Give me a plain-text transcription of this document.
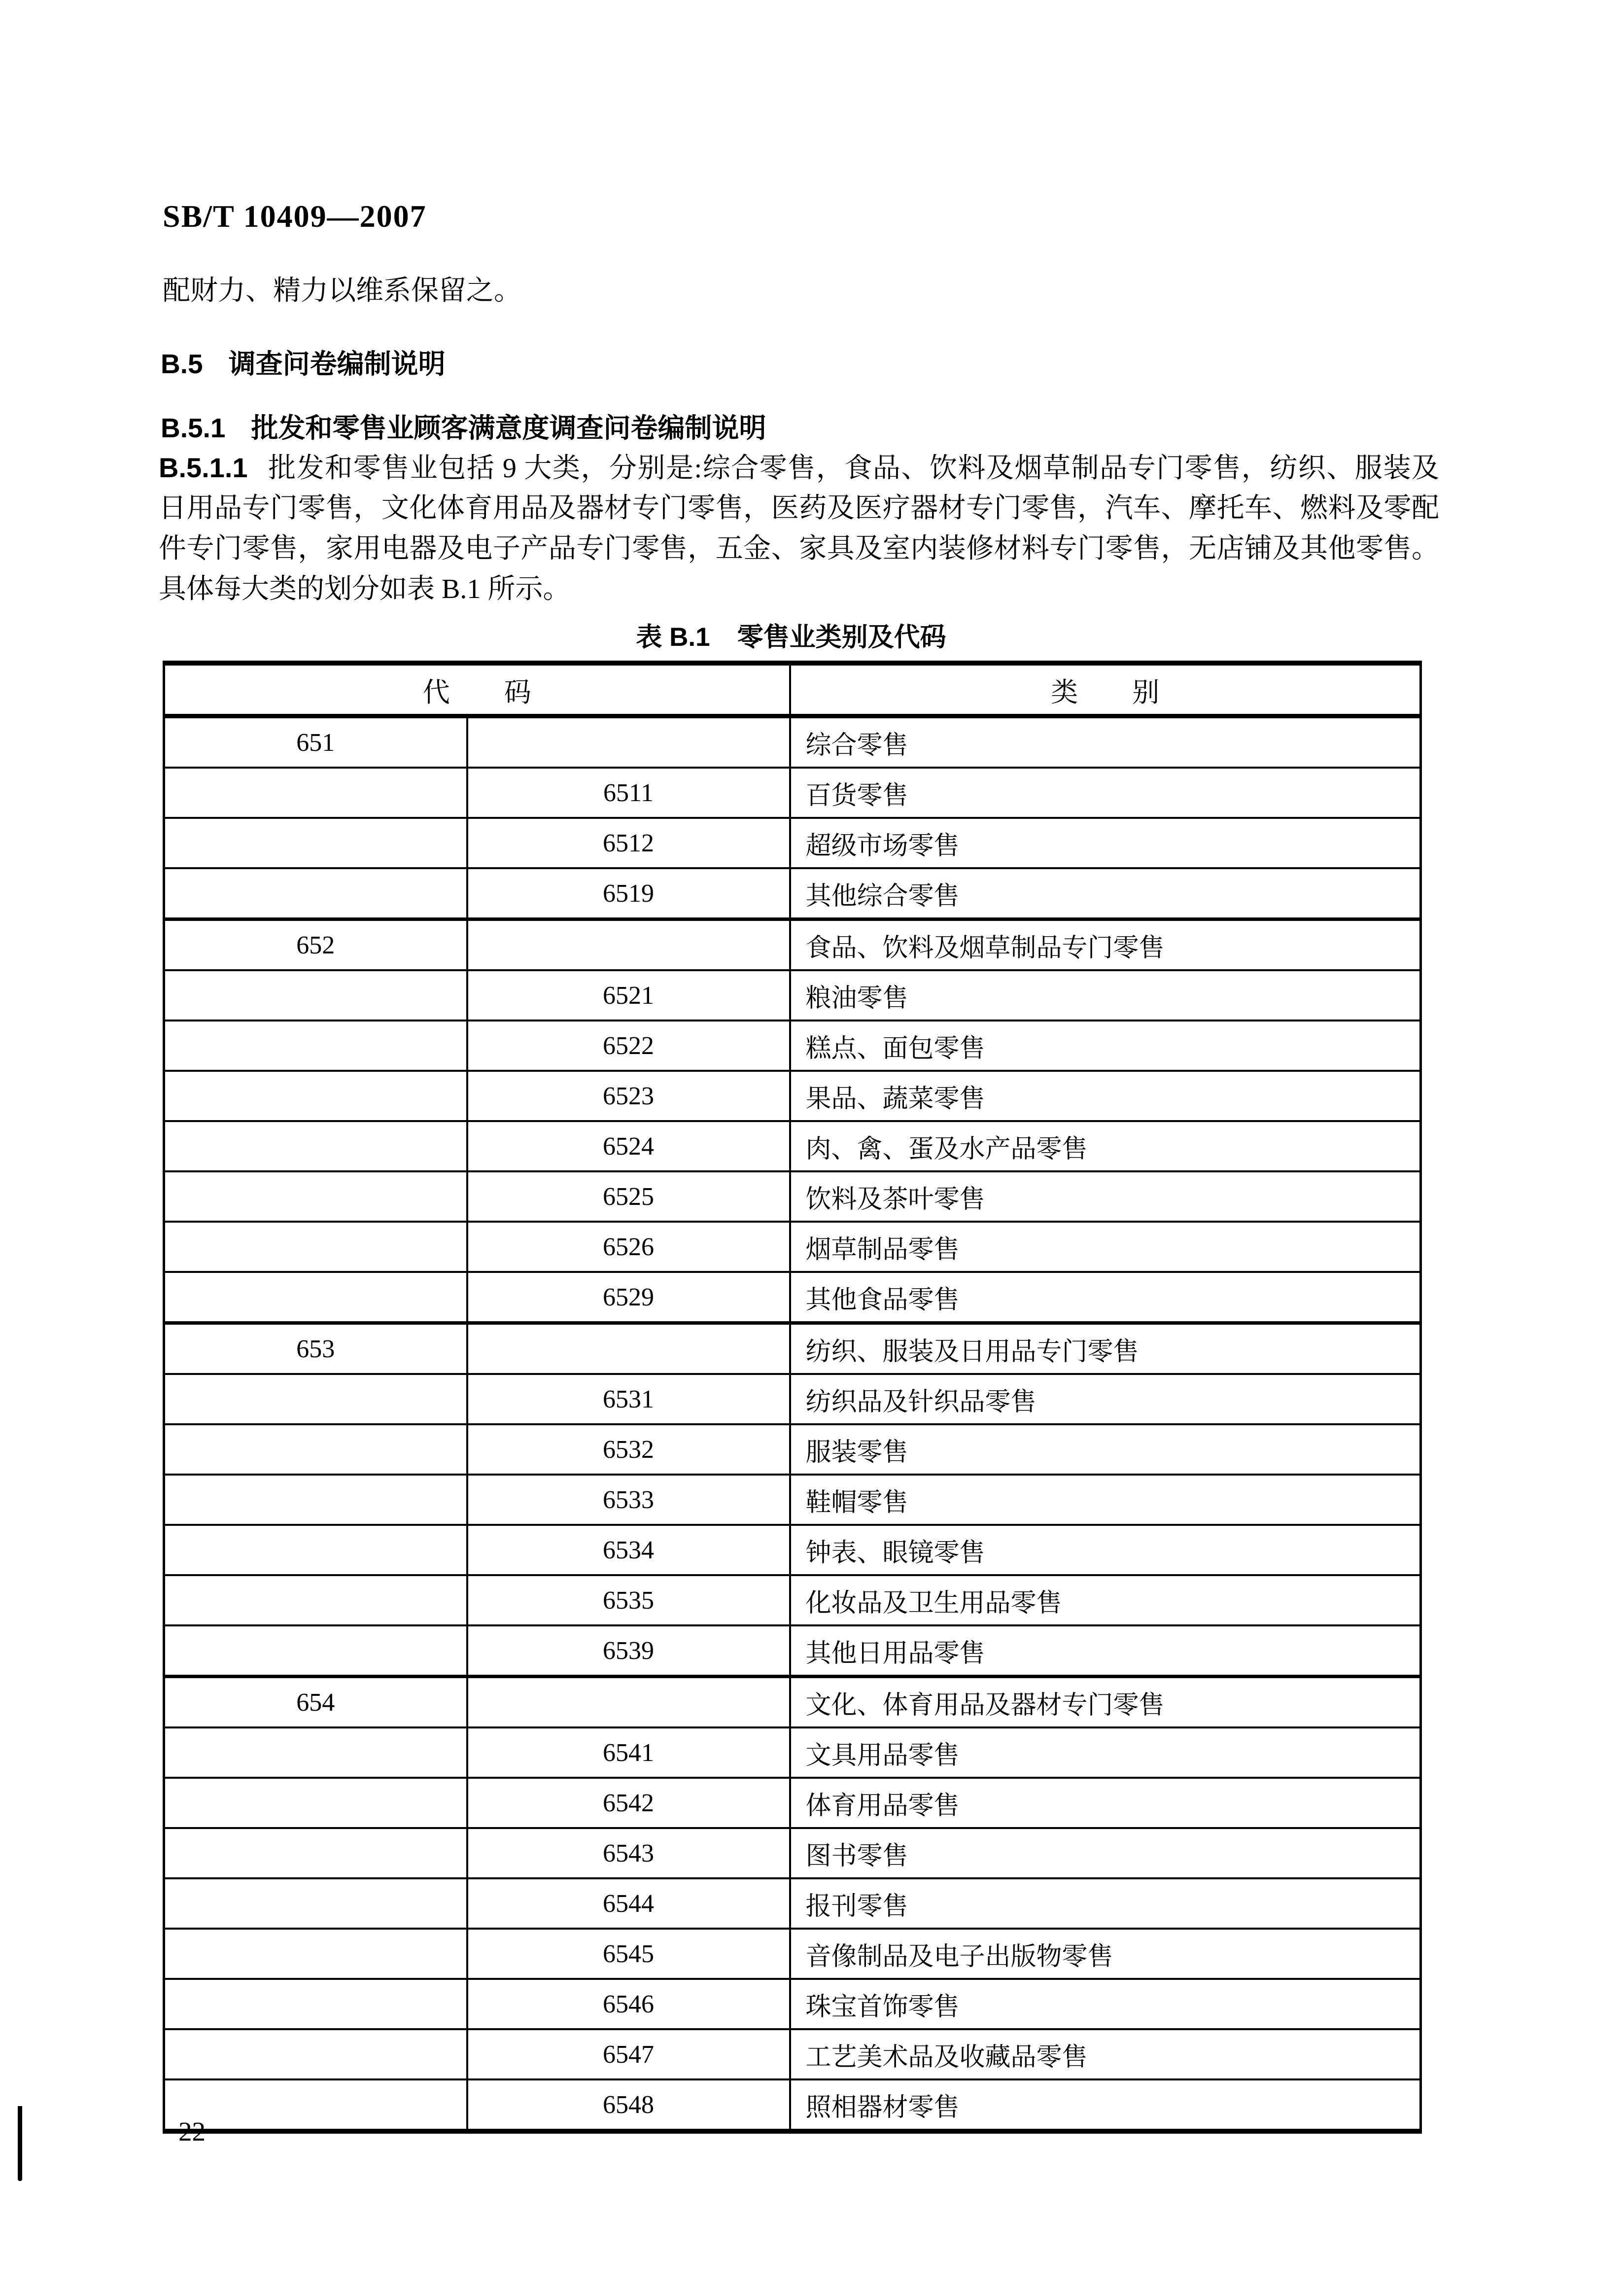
SB/T 10409—2007
配财力、精力以维系保留之。
B.5 调查问卷编制说明
B.5.1 批发和零售业顾客满意度调查问卷编制说明
B.5.1.1 批发和零售业包括 9 大类，分别是:综合零售，食品、饮料及烟草制品专门零售，纺织、服装及
日用品专门零售，文化体育用品及器材专门零售，医药及医疗器材专门零售，汽车、摩托车、燃料及零配
件专门零售，家用电器及电子产品专门零售，五金、家具及室内装修材料专门零售，无店铺及其他零售。
具体每大类的划分如表 B.1 所示。
表 B.1 零售业类别及代码
代　　码		类　　别
651		综合零售
	6511	百货零售
	6512	超级市场零售
	6519	其他综合零售
652		食品、饮料及烟草制品专门零售
	6521	粮油零售
	6522	糕点、面包零售
	6523	果品、蔬菜零售
	6524	肉、禽、蛋及水产品零售
	6525	饮料及茶叶零售
	6526	烟草制品零售
	6529	其他食品零售
653		纺织、服装及日用品专门零售
	6531	纺织品及针织品零售
	6532	服装零售
	6533	鞋帽零售
	6534	钟表、眼镜零售
	6535	化妆品及卫生用品零售
	6539	其他日用品零售
654		文化、体育用品及器材专门零售
	6541	文具用品零售
	6542	体育用品零售
	6543	图书零售
	6544	报刊零售
	6545	音像制品及电子出版物零售
	6546	珠宝首饰零售
	6547	工艺美术品及收藏品零售
	6548	照相器材零售
22
